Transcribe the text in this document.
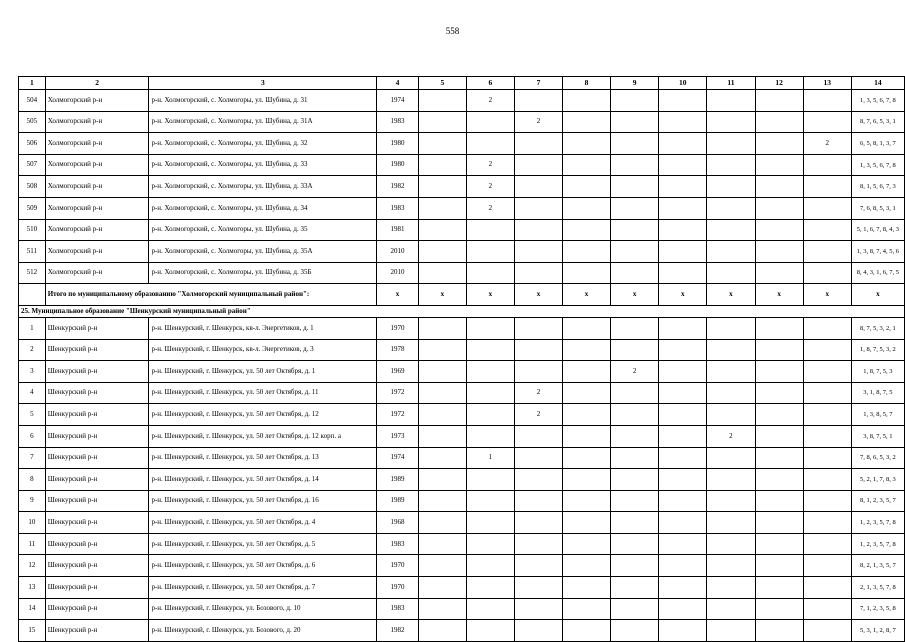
558
1	2	3	4	5	6	7	8	9	10	11	12	13	14
504	Холмогорский р-н	р-н. Холмогорский, с. Холмогоры, ул. Шубина, д. 31	1974		2								1, 3, 5, 6, 7, 8
505	Холмогорский р-н	р-н. Холмогорский, с. Холмогоры, ул. Шубина, д. 31А	1983			2							8, 7, 6, 5, 3, 1
506	Холмогорский р-н	р-н. Холмогорский, с. Холмогоры, ул. Шубина, д. 32	1980									2	6, 5, 8, 1, 3, 7
507	Холмогорский р-н	р-н. Холмогорский, с. Холмогоры, ул. Шубина, д. 33	1980		2								1, 3, 5, 6, 7, 8
508	Холмогорский р-н	р-н. Холмогорский, с. Холмогоры, ул. Шубина, д. 33А	1982		2								8, 1, 5, 6, 7, 3
509	Холмогорский р-н	р-н. Холмогорский, с. Холмогоры, ул. Шубина, д. 34	1983		2								7, 6, 8, 5, 3, 1
510	Холмогорский р-н	р-н. Холмогорский, с. Холмогоры, ул. Шубина, д. 35	1981										5, 1, 6, 7, 8, 4, 3
511	Холмогорский р-н	р-н. Холмогорский, с. Холмогоры, ул. Шубина, д. 35А	2010										1, 3, 8, 7, 4, 5, 6
512	Холмогорский р-н	р-н. Холмогорский, с. Холмогоры, ул. Шубина, д. 35Б	2010										8, 4, 3, 1, 6, 7, 5
	Итого по муниципальному образованию "Холмогорский муниципальный район":		x	x	x	x	x	x	x	x	x	x	x
25. Муниципальное образование "Шенкурский муниципальный район"													
1	Шенкурский р-н	р-н. Шенкурский, г. Шенкурск, кв-л. Энергетиков, д. 1	1970										8, 7, 5, 3, 2, 1
2	Шенкурский р-н	р-н. Шенкурский, г. Шенкурск, кв-л. Энергетиков, д. 3	1978										1, 8, 7, 5, 3, 2
3	Шенкурский р-н	р-н. Шенкурский, г. Шенкурск, ул. 50 лет Октября, д. 1	1969					2					1, 8, 7, 5, 3
4	Шенкурский р-н	р-н. Шенкурский, г. Шенкурск, ул. 50 лет Октября, д. 11	1972			2							3, 1, 8, 7, 5
5	Шенкурский р-н	р-н. Шенкурский, г. Шенкурск, ул. 50 лет Октября, д. 12	1972			2							1, 3, 8, 5, 7
6	Шенкурский р-н	р-н. Шенкурский, г. Шенкурск, ул. 50 лет Октября, д. 12 корп. а	1973							2			3, 8, 7, 5, 1
7	Шенкурский р-н	р-н. Шенкурский, г. Шенкурск, ул. 50 лет Октября, д. 13	1974		1								7, 8, 6, 5, 3, 2
8	Шенкурский р-н	р-н. Шенкурский, г. Шенкурск, ул. 50 лет Октября, д. 14	1989										5, 2, 1, 7, 8, 3
9	Шенкурский р-н	р-н. Шенкурский, г. Шенкурск, ул. 50 лет Октября, д. 16	1989										8, 1, 2, 3, 5, 7
10	Шенкурский р-н	р-н. Шенкурский, г. Шенкурск, ул. 50 лет Октября, д. 4	1968										1, 2, 3, 5, 7, 8
11	Шенкурский р-н	р-н. Шенкурский, г. Шенкурск, ул. 50 лет Октября, д. 5	1983										1, 2, 3, 5, 7, 8
12	Шенкурский р-н	р-н. Шенкурский, г. Шенкурск, ул. 50 лет Октября, д. 6	1970										8, 2, 1, 3, 5, 7
13	Шенкурский р-н	р-н. Шенкурский, г. Шенкурск, ул. 50 лет Октября, д. 7	1970										2, 1, 3, 5, 7, 8
14	Шенкурский р-н	р-н. Шенкурский, г. Шенкурск, ул. Бозового, д. 10	1983										7, 1, 2, 3, 5, 8
15	Шенкурский р-н	р-н. Шенкурский, г. Шенкурск, ул. Бозового, д. 20	1982										5, 3, 1, 2, 8, 7
